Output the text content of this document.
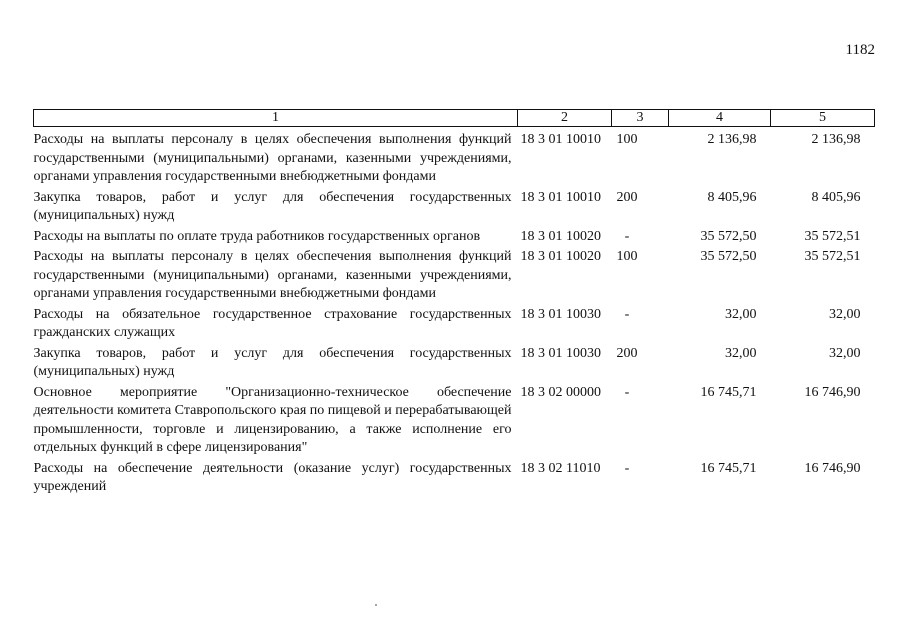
1182
1	2	3	4	5
Расходы на выплаты персоналу в целях обеспечения выполнения функций государственными (муниципальными) органами, казенными учреждениями, органами управления государственными внебюджетными фондами	18 3 01 10010	100	2 136,98	2 136,98
Закупка товаров, работ и услуг для обеспечения государственных (муниципальных) нужд	18 3 01 10010	200	8 405,96	8 405,96
Расходы на выплаты по оплате труда работников государственных органов	18 3 01 10020	-	35 572,50	35 572,51
Расходы на выплаты персоналу в целях обеспечения выполнения функций государственными (муниципальными) органами, казенными учреждениями, органами управления государственными внебюджетными фондами	18 3 01 10020	100	35 572,50	35 572,51
Расходы на обязательное государственное страхование государственных гражданских служащих	18 3 01 10030	-	32,00	32,00
Закупка товаров, работ и услуг для обеспечения государственных (муниципальных) нужд	18 3 01 10030	200	32,00	32,00
Основное мероприятие "Организационно-техническое обеспечение деятельности комитета Ставропольского края по пищевой и перерабатывающей промышленности, торговле и лицензированию, а также исполнение его отдельных функций в сфере лицензирования"	18 3 02 00000	-	16 745,71	16 746,90
Расходы на обеспечение деятельности (оказание услуг) государственных учреждений	18 3 02 11010	-	16 745,71	16 746,90
